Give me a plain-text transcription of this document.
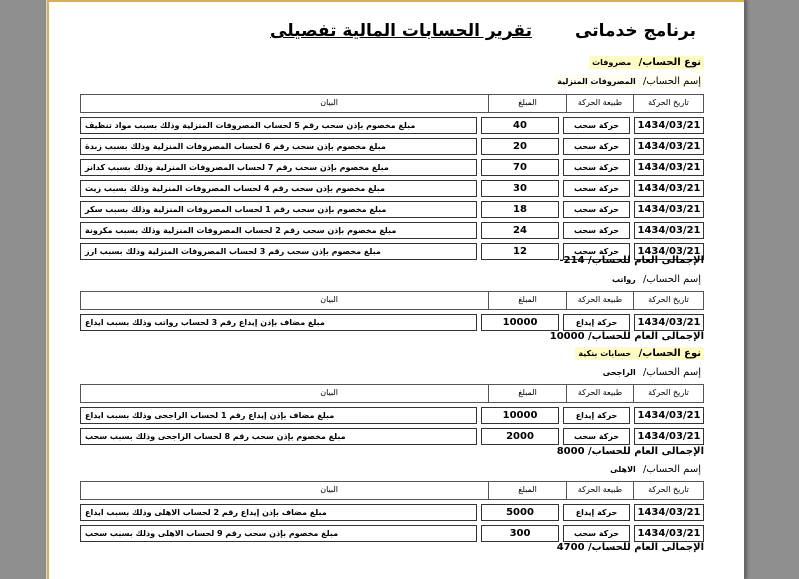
برنامج خدماتى
تقرير الحسابات المالية تفصيلى
نوع الحساب/ مصروفات
إسم الحساب/ المصروفات المنزلية
تاريخ الحركة
طبيعة الحركة
المبلغ
البيان
1434/03/21
حركة سحب
40
مبلغ مخصوم بإذن سحب رقم 5 لحساب المصروفات المنزلية وذلك بسبب مواد تنظيف
1434/03/21
حركة سحب
20
مبلغ مخصوم بإذن سحب رقم 6 لحساب المصروفات المنزلية وذلك بسبب زبدة
1434/03/21
حركة سحب
70
مبلغ مخصوم بإذن سحب رقم 7 لحساب المصروفات المنزلية وذلك بسبب كدانز
1434/03/21
حركة سحب
30
مبلغ مخصوم بإذن سحب رقم 4 لحساب المصروفات المنزلية وذلك بسبب زيت
1434/03/21
حركة سحب
18
مبلغ مخصوم بإذن سحب رقم 1 لحساب المصروفات المنزلية وذلك بسبب سكر
1434/03/21
حركة سحب
24
مبلغ مخصوم بإذن سحب رقم 2 لحساب المصروفات المنزلية وذلك بسبب مكرونة
1434/03/21
حركة سحب
12
مبلغ مخصوم بإذن سحب رقم 3 لحساب المصروفات المنزلية وذلك بسبب ارز
الإجمالى العام للحساب/ 214-
إسم الحساب/ رواتب
تاريخ الحركة
طبيعة الحركة
المبلغ
البيان
1434/03/21
حركة إيداع
10000
مبلغ مضاف بإذن إيداع رقم 3 لحساب رواتب وذلك بسبب ايداع
الإجمالى العام للحساب/ 10000
نوع الحساب/ حسابات بنكية
إسم الحساب/ الراجحى
تاريخ الحركة
طبيعة الحركة
المبلغ
البيان
1434/03/21
حركة إيداع
10000
مبلغ مضاف بإذن إيداع رقم 1 لحساب الراجحى وذلك بسبب ايداع
1434/03/21
حركة سحب
2000
مبلغ مخصوم بإذن سحب رقم 8 لحساب الراجحى وذلك بسبب سحب
الإجمالى العام للحساب/ 8000
إسم الحساب/ الاهلى
تاريخ الحركة
طبيعة الحركة
المبلغ
البيان
1434/03/21
حركة إيداع
5000
مبلغ مضاف بإذن إيداع رقم 2 لحساب الاهلى وذلك بسبب ايداع
1434/03/21
حركة سحب
300
مبلغ مخصوم بإذن سحب رقم 9 لحساب الاهلى وذلك بسبب سحب
الإجمالى العام للحساب/ 4700
